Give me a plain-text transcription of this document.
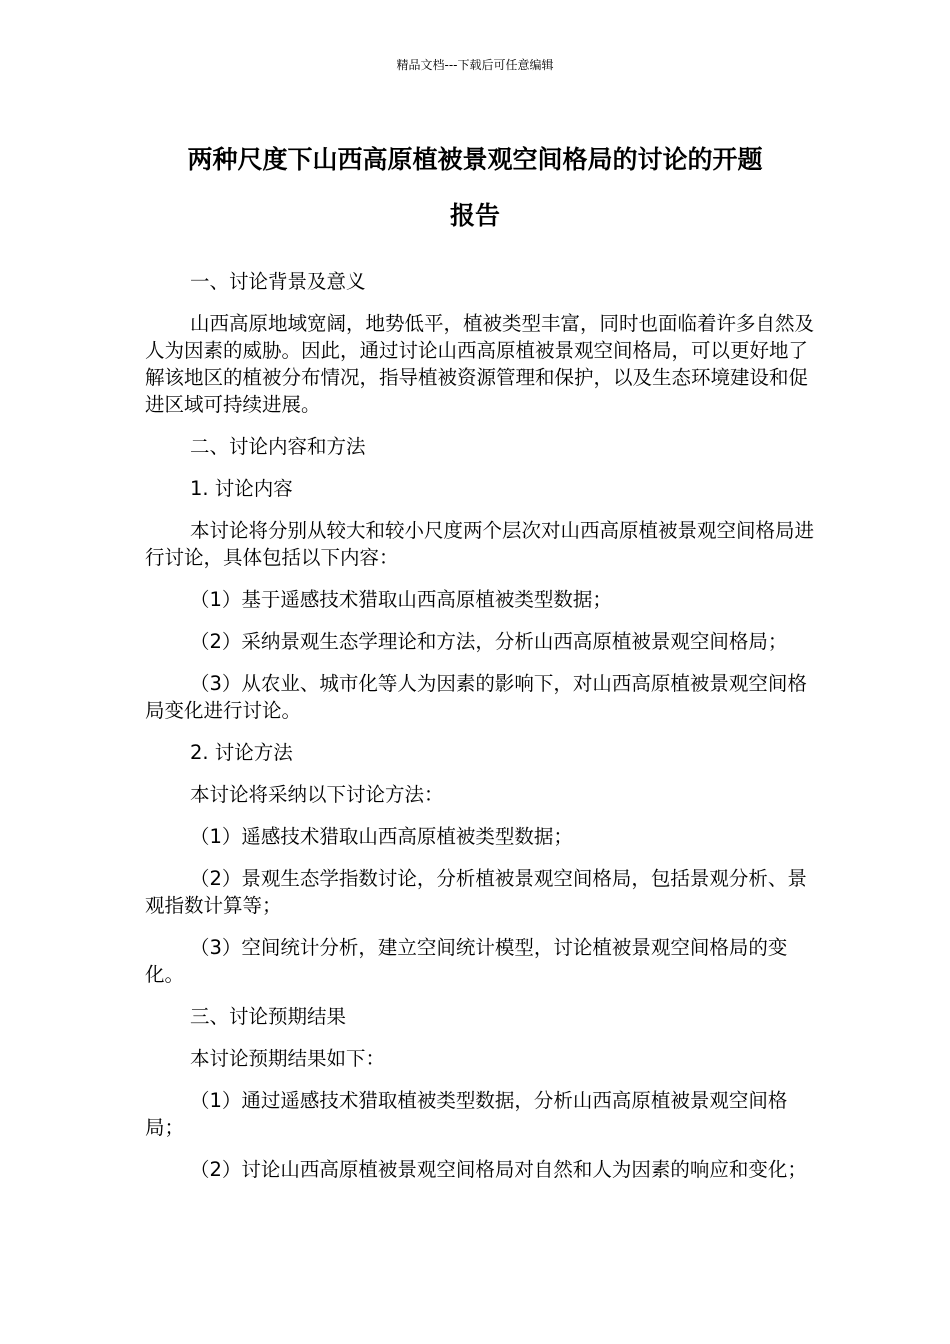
精品文档---下载后可任意编辑
两种尺度下山西高原植被景观空间格局的讨论的开题
报告

一、讨论背景及意义

山西高原地域宽阔，地势低平，植被类型丰富，同时也面临着许多自然及人为因素的威胁。因此，通过讨论山西高原植被景观空间格局，可以更好地了解该地区的植被分布情况，指导植被资源管理和保护，以及生态环境建设和促进区域可持续进展。

二、讨论内容和方法

1. 讨论内容

本讨论将分别从较大和较小尺度两个层次对山西高原植被景观空间格局进行讨论，具体包括以下内容：

（1）基于遥感技术猎取山西高原植被类型数据；

（2）采纳景观生态学理论和方法，分析山西高原植被景观空间格局；

（3）从农业、城市化等人为因素的影响下，对山西高原植被景观空间格局变化进行讨论。

2. 讨论方法

本讨论将采纳以下讨论方法：

（1）遥感技术猎取山西高原植被类型数据；

（2）景观生态学指数讨论，分析植被景观空间格局，包括景观分析、景观指数计算等；

（3）空间统计分析，建立空间统计模型，讨论植被景观空间格局的变化。

三、讨论预期结果

本讨论预期结果如下：

（1）通过遥感技术猎取植被类型数据，分析山西高原植被景观空间格局；

（2）讨论山西高原植被景观空间格局对自然和人为因素的响应和变化；
